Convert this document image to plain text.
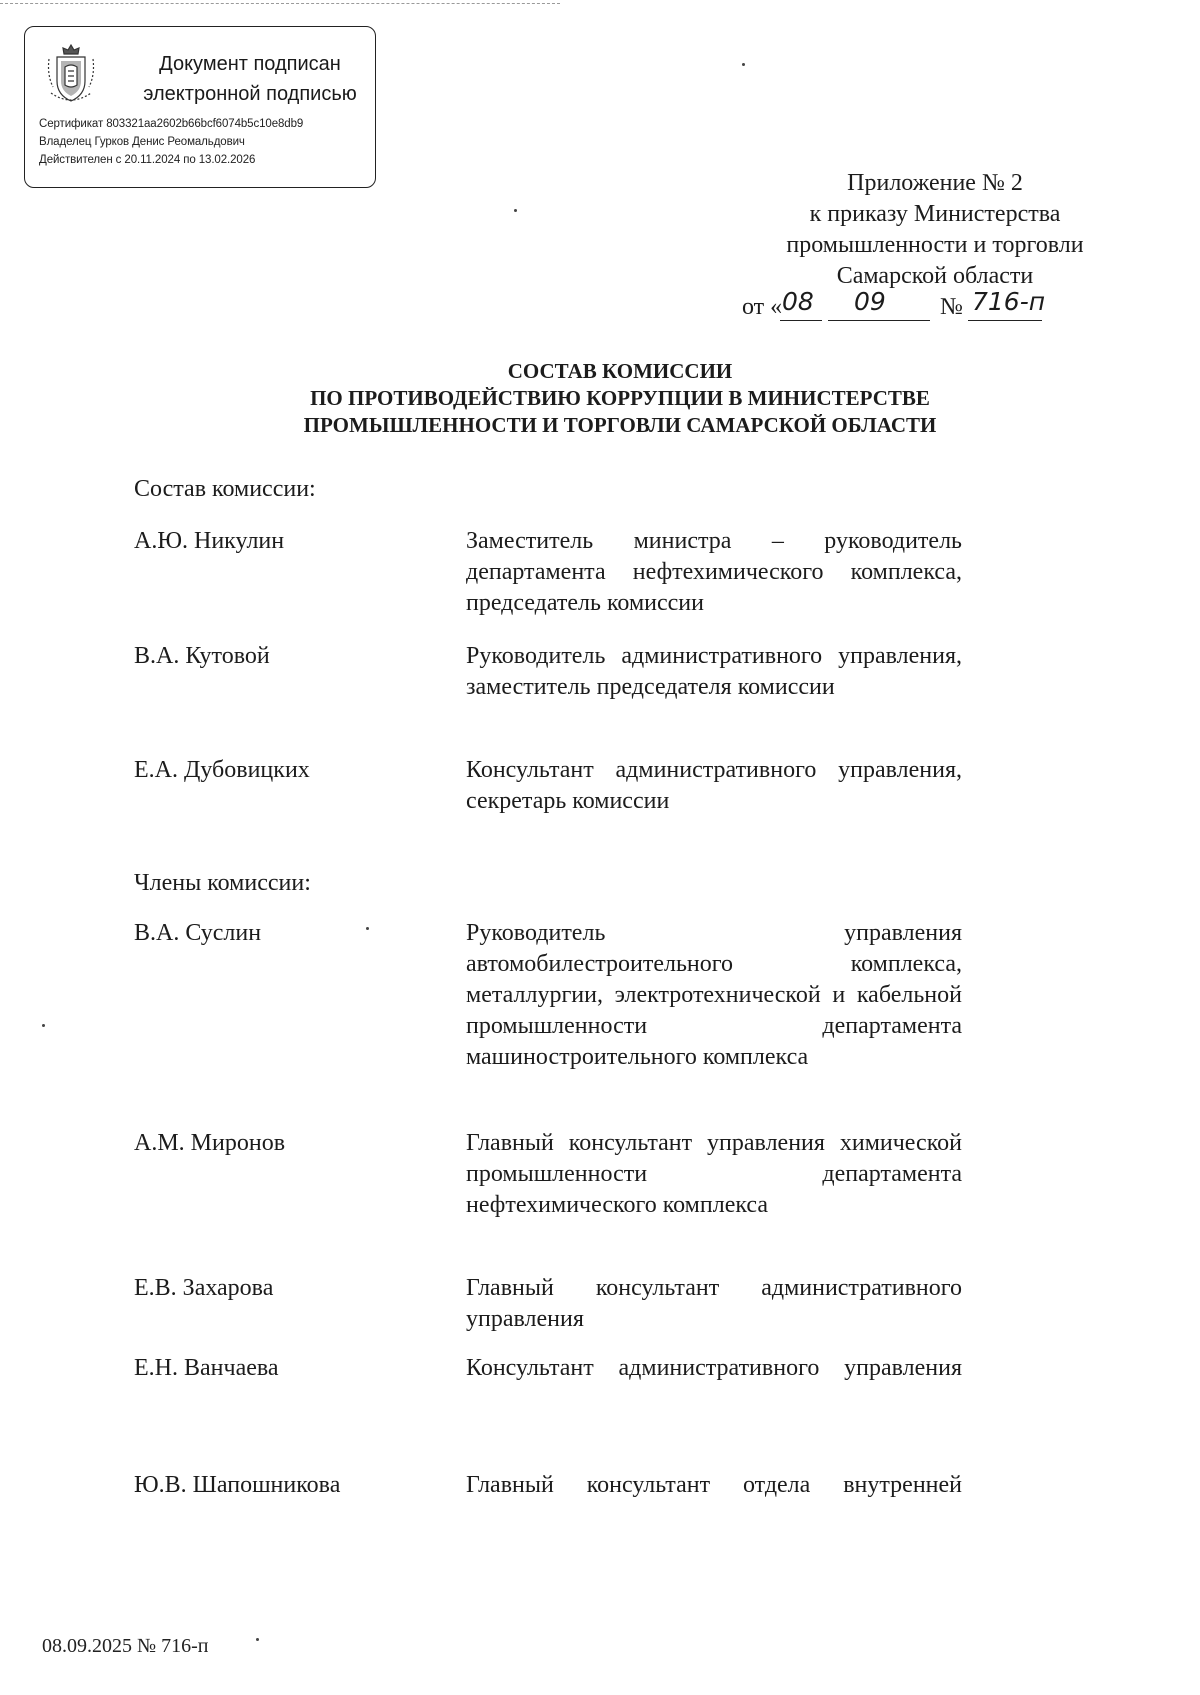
Документ подписан
электронной подписью
Сертификат 803321aa2602b66bcf6074b5c10e8db9
Владелец Гурков Денис Реомальдович
Действителен с 20.11.2024 по 13.02.2026
Приложение № 2
к приказу Министерства
промышленности и торговли
Самарской области
от « 08 09 № 716-п
СОСТАВ КОМИССИИ
ПО ПРОТИВОДЕЙСТВИЮ КОРРУПЦИИ В МИНИСТЕРСТВЕ
ПРОМЫШЛЕННОСТИ И ТОРГОВЛИ САМАРСКОЙ ОБЛАСТИ
Состав комиссии:
А.Ю. Никулин	Заместитель министра – руководитель департамента нефтехимического комплекса, председатель комиссии
В.А. Кутовой	Руководитель административного управления, заместитель председателя комиссии
Е.А. Дубовицких	Консультант административного управления, секретарь комиссии
Члены комиссии:
В.А. Суслин	Руководитель управления автомобилестроительного комплекса, металлургии, электротехнической и кабельной промышленности департамента машиностроительного комплекса
А.М. Миронов	Главный консультант управления химической промышленности департамента нефтехимического комплекса
Е.В. Захарова	Главный консультант административного управления
Е.Н. Ванчаева	Консультант административного управления
Ю.В. Шапошникова	Главный консультант отдела внутренней
08.09.2025 № 716-п
